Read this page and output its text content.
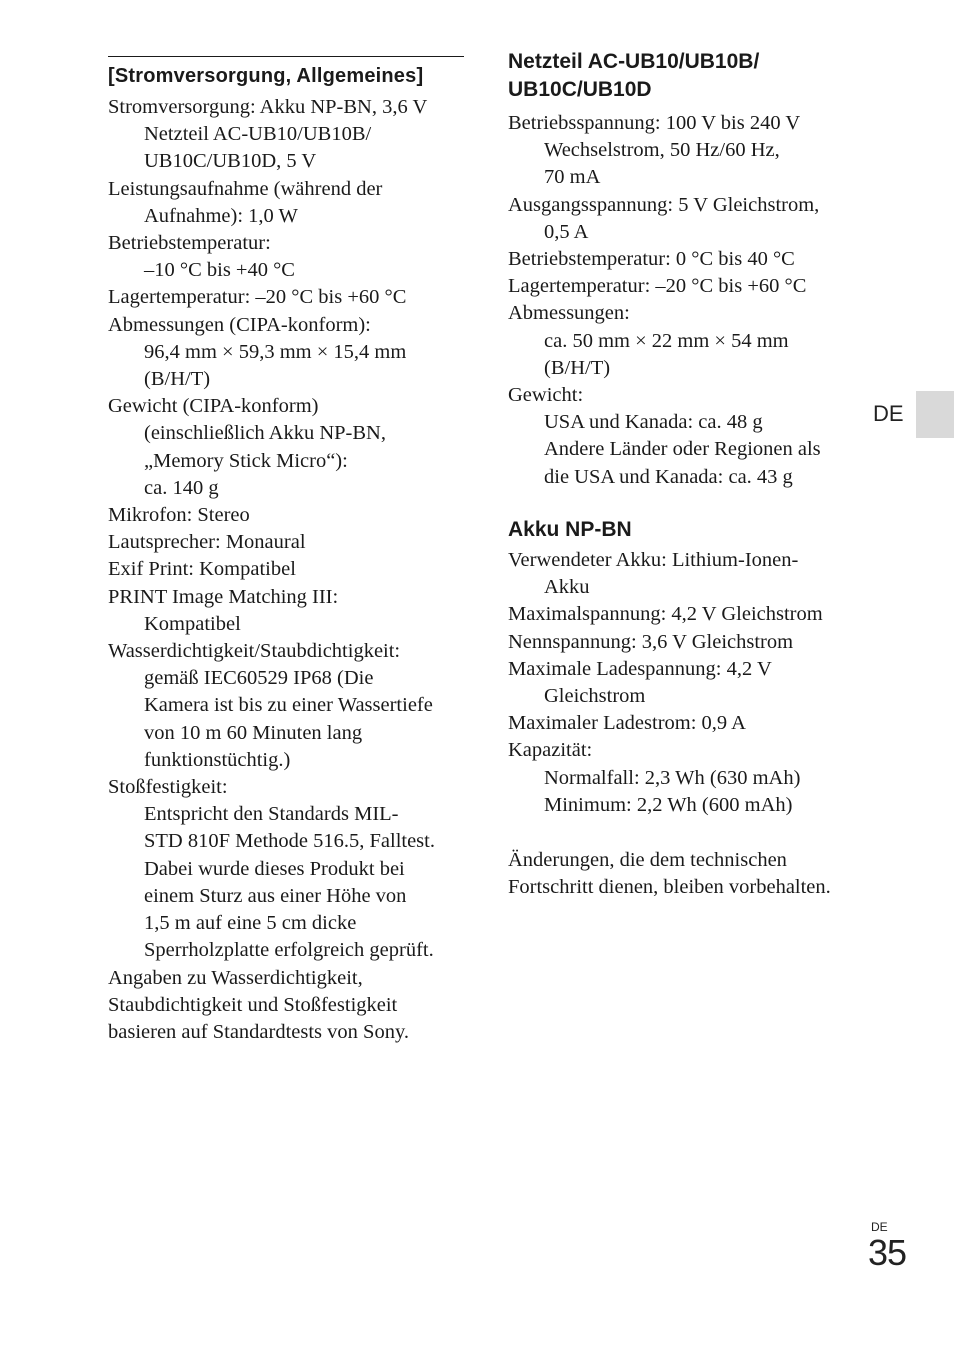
[Stromversorgung, Allgemeines]
Stromversorgung: Akku NP-BN, 3,6 V
Netzteil AC-UB10/UB10B/
UB10C/UB10D, 5 V
Leistungsaufnahme (während der
Aufnahme): 1,0 W
Betriebstemperatur:
–10 °C bis +40 °C
Lagertemperatur: –20 °C bis +60 °C
Abmessungen (CIPA-konform):
96,4 mm × 59,3 mm × 15,4 mm
(B/H/T)
Gewicht (CIPA-konform)
(einschließlich Akku NP-BN,
„Memory Stick Micro“):
ca. 140 g
Mikrofon: Stereo
Lautsprecher: Monaural
Exif Print: Kompatibel
PRINT Image Matching III:
Kompatibel
Wasserdichtigkeit/Staubdichtigkeit:
gemäß IEC60529 IP68 (Die
Kamera ist bis zu einer Wassertiefe
von 10 m 60 Minuten lang
funktionstüchtig.)
Stoßfestigkeit:
Entspricht den Standards MIL-
STD 810F Methode 516.5, Falltest.
Dabei wurde dieses Produkt bei
einem Sturz aus einer Höhe von
1,5 m auf eine 5 cm dicke
Sperrholzplatte erfolgreich geprüft.
Angaben zu Wasserdichtigkeit,
Staubdichtigkeit und Stoßfestigkeit
basieren auf Standardtests von Sony.
Netzteil AC-UB10/UB10B/
UB10C/UB10D
Betriebsspannung: 100 V bis 240 V
Wechselstrom, 50 Hz/60 Hz,
70 mA
Ausgangsspannung: 5 V Gleichstrom,
0,5 A
Betriebstemperatur: 0 °C bis 40 °C
Lagertemperatur: –20 °C bis +60 °C
Abmessungen:
ca. 50 mm × 22 mm × 54 mm
(B/H/T)
Gewicht:
USA und Kanada: ca. 48 g
Andere Länder oder Regionen als
die USA und Kanada: ca. 43 g
Akku NP-BN
Verwendeter Akku: Lithium-Ionen-
Akku
Maximalspannung: 4,2 V Gleichstrom
Nennspannung: 3,6 V Gleichstrom
Maximale Ladespannung: 4,2 V
Gleichstrom
Maximaler Ladestrom: 0,9 A
Kapazität:
Normalfall: 2,3 Wh (630 mAh)
Minimum: 2,2 Wh (600 mAh)
Änderungen, die dem technischen
Fortschritt dienen, bleiben vorbehalten.
DE
DE
35
